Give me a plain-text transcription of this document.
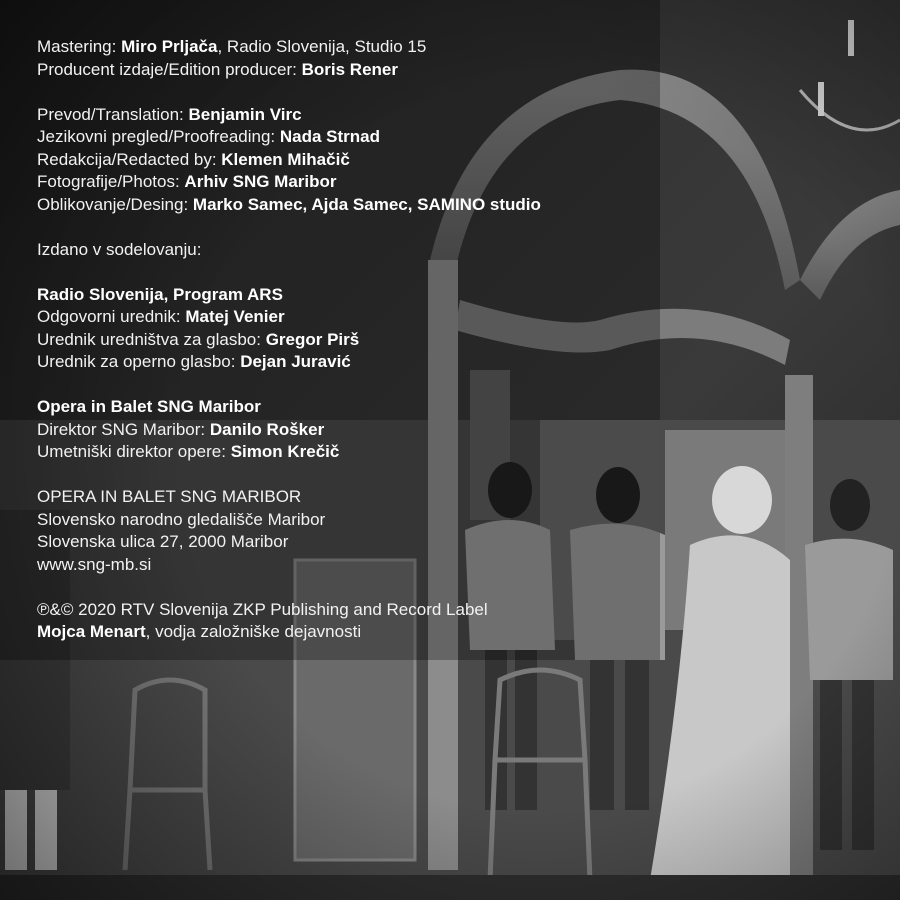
Mastering: Miro Prljača, Radio Slovenija, Studio 15
Producent izdaje/Edition producer: Boris Rener
Prevod/Translation: Benjamin Virc
Jezikovni pregled/Proofreading: Nada Strnad
Redakcija/Redacted by: Klemen Mihačič
Fotografije/Photos: Arhiv SNG Maribor
Oblikovanje/Desing: Marko Samec, Ajda Samec, SAMINO studio
Izdano v sodelovanju:
Radio Slovenija, Program ARS
Odgovorni urednik: Matej Venier
Urednik uredništva za glasbo: Gregor Pirš
Urednik za operno glasbo: Dejan Juravić
Opera in Balet SNG Maribor
Direktor SNG Maribor: Danilo Rošker
Umetniški direktor opere: Simon Krečič
OPERA IN BALET SNG MARIBOR
Slovensko narodno gledališče Maribor
Slovenska ulica 27, 2000 Maribor
www.sng-mb.si
℗&© 2020 RTV Slovenija ZKP Publishing and Record Label
Mojca Menart, vodja založniške dejavnosti
